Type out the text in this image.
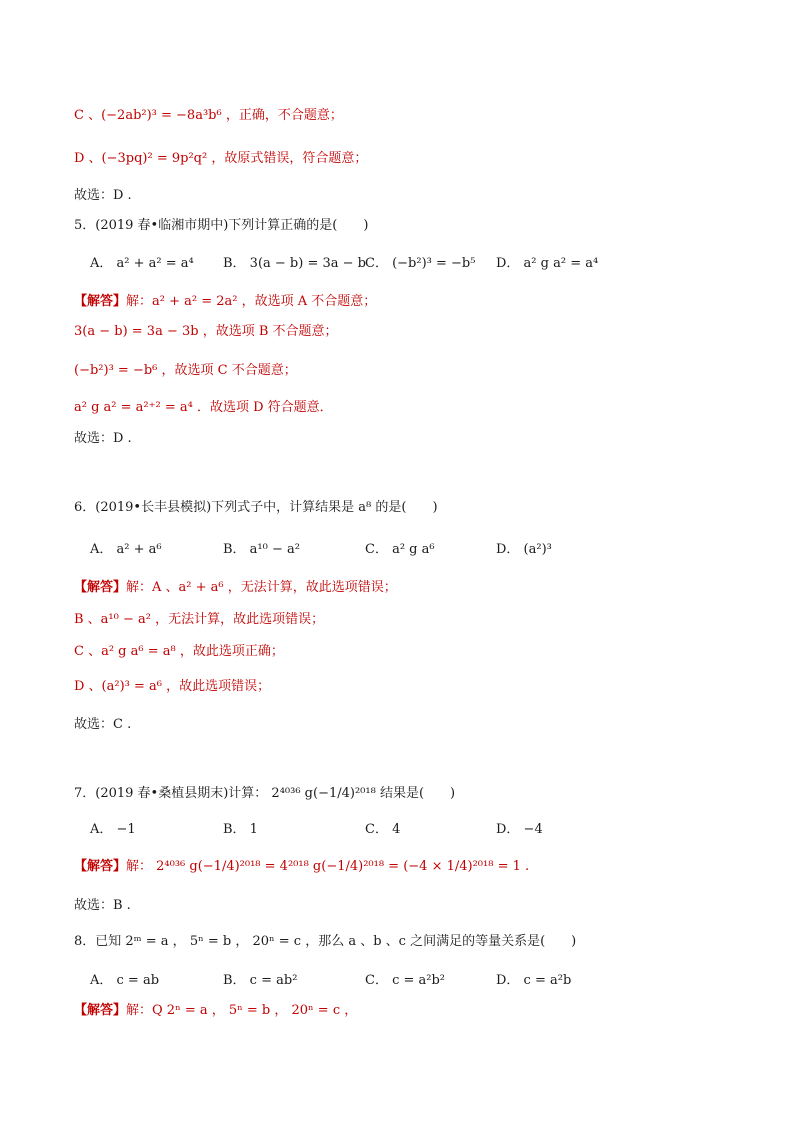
C 、(−2ab²)³ = −8a³b⁶ ，正确，不合题意；
D 、(−3pq)² = 9p²q² ，故原式错误，符合题意；
故选：D .
5．(2019 春•临湘市期中)下列计算正确的是(　　)
A． a² + a² = a⁴ B． 3(a − b) = 3a − b C． (−b²)³ = −b⁵ D． a² g a² = a⁴
【解答】解：a² + a² = 2a² ，故选项 A 不合题意；
3(a − b) = 3a − 3b ，故选项 B 不合题意；
(−b²)³ = −b⁶ ，故选项 C 不合题意；
a² g a² = a²⁺² = a⁴ ．故选项 D 符合题意．
故选：D .
6．(2019•长丰县模拟)下列式子中，计算结果是 a⁸ 的是(　　)
A． a² + a⁶	B． a¹⁰ − a²	C． a² g a⁶	D． (a²)³
【解答】解：A 、a² + a⁶ ，无法计算，故此选项错误；
B 、a¹⁰ − a² ，无法计算，故此选项错误；
C 、a² g a⁶ = a⁸ ，故此选项正确；
D 、(a²)³ = a⁶ ，故此选项错误；
故选：C .
7．(2019 春•桑植县期末)计算： 2⁴⁰³⁶ g(−1/4)²⁰¹⁸ 结果是(　　)
A． −1	B． 1	C． 4	D． −4
【解答】解： 2⁴⁰³⁶ g(−1/4)²⁰¹⁸ = 4²⁰¹⁸ g(−1/4)²⁰¹⁸ = (−4 × 1/4)²⁰¹⁸ = 1 .
故选：B .
8．已知 2ᵐ = a ， 5ⁿ = b ， 20ⁿ = c ，那么 a 、b 、c 之间满足的等量关系是(　　)
A． c = ab	B． c = ab²	C． c = a²b²	D． c = a²b
【解答】解：Q 2ⁿ = a ， 5ⁿ = b ， 20ⁿ = c ，
